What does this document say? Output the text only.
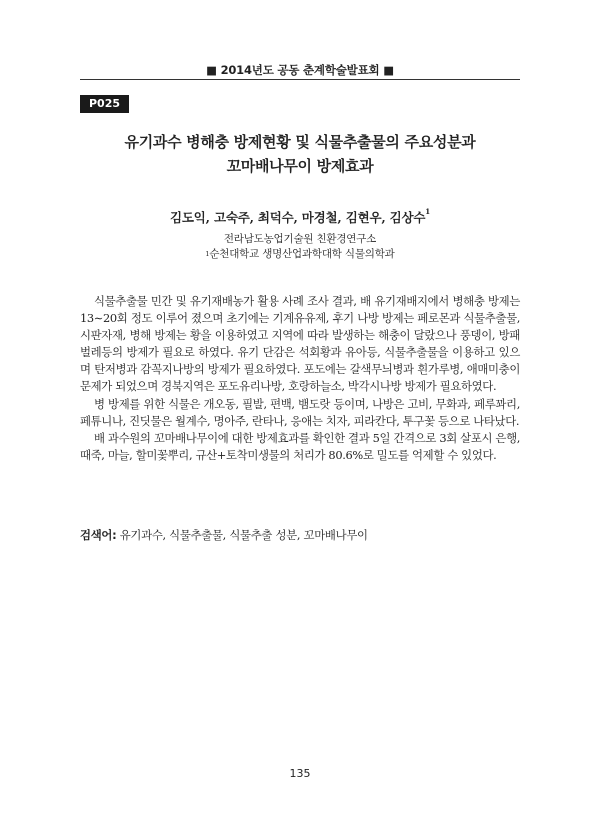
■ 2014년도 공동 춘계학술발표회 ■
P025
유기과수 병해충 방제현황 및 식물추출물의 주요성분과
꼬마배나무이 방제효과
김도익, 고숙주, 최덕수, 마경철, 김현우, 김상수$^1$
전라남도농업기술원 친환경연구소
$^1$순천대학교 생명산업과학대학 식물의학과

식물추출물 민간 및 유기재배농가 활용 사례 조사 결과, 배 유기재배지에서 병해충 방제는 13∼20회 정도 이루어 졌으며 초기에는 기계유유제, 후기 나방 방제는 페로몬과 식물추출물, 시판자재, 병해 방제는 황을 이용하였고 지역에 따라 발생하는 해충이 달랐으나 풍뎅이, 방패벌레등의 방제가 필요로 하였다. 유기 단감은 석회황과 유아등, 식물추출물을 이용하고 있으며 탄저병과 감꼭지나방의 방제가 필요하였다. 포도에는 갈색무늬병과 흰가루병, 애매미충이 문제가 되었으며 경북지역은 포도유리나방, 호랑하늘소, 박각시나방 방제가 필요하였다.

병 방제를 위한 식물은 개오동, 필발, 편백, 뱀도랏 등이며, 나방은 고비, 무화과, 페루꽈리, 페튜니나, 진딧물은 월계수, 명아주, 란타나, 응애는 치자, 피라칸다, 투구꽃 등으로 나타났다.

배 과수원의 꼬마배나무이에 대한 방제효과를 확인한 결과 5일 간격으로 3회 살포시 은행, 때죽, 마늘, 할미꽃뿌리, 규산+토착미생물의 처리가 80.6%로 밀도를 억제할 수 있었다.

검색어: 유기과수, 식물추출물, 식물추출 성분, 꼬마배나무이
135
